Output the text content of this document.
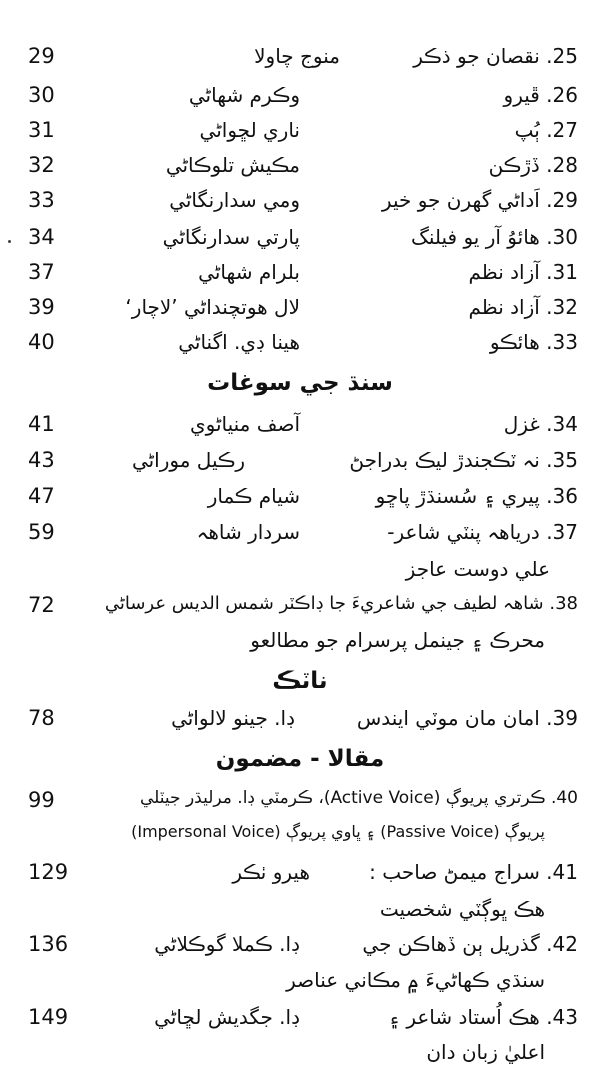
29	منوج چاولا	25. نقصان جو ذڪر
30	وڪرم شهاڻي	26. ڦيرو
31	ناري لڇواڻي	27. ٻُپ
32	مڪيش تلوڪاڻي	28. ڏڙڪن
33	ومي سدارنگاڻي	29. اَداڻي گهرن جو خير
34	پارتي سدارنگاڻي	30. هائوُ آر يو فيلنگ
37	بلرام شهاڻي	31. آزاد نظم
39	لال هوتچنداڻي ’لاچار‘	32. آزاد نظم
40	هينا ڊي. اگناڻي	33. هائڪو
سنڌ جي سوغات
41	آصف منياڻوي	34. غزل
43	رڪيل موراڻي	35. نہ ٽڪجندڙ ليڪ بدراجڻ
47	شيام ڪمار	36. پيري ۽ سُسنڌڙ پاڇو
59	سردار شاهہ	37. درياهہ پنٽي شاعر-
علي دوست عاجز
72	38. شاهہ لطيف جي شاعريءَ جا ڊاڪٽر شمس الديس عرساڻي
محرڪ ۽ جينمل پرسرام جو مطالعو
ناٽڪ
78	ڊا. جينو لالواڻي	39. امان مان موٽي ايندس
مقالا - مضمون
99	40. ڪرتري پريوڳ (Active Voice)، ڪرمٽي ڊا. مرليڌر جيٽلي
پريوڳ (Passive Voice) ۽ ڀاوي پريوڳ (Impersonal Voice)
129	هيرو ٺڪر	41. سراج ميمڻ صاحب :
هڪ ڀوڳٽي شخصيت
136	ڊا. ڪملا گوڪلاڻي	42. گذريل ٻن ڏهاڪن جي
سنڌي ڪهاڻيءَ ۾ مڪاني عناصر
149	ڊا. جگديش لڇاڻي	43. هڪ اُستاد شاعر ۽
اعليٰ زبان دان
